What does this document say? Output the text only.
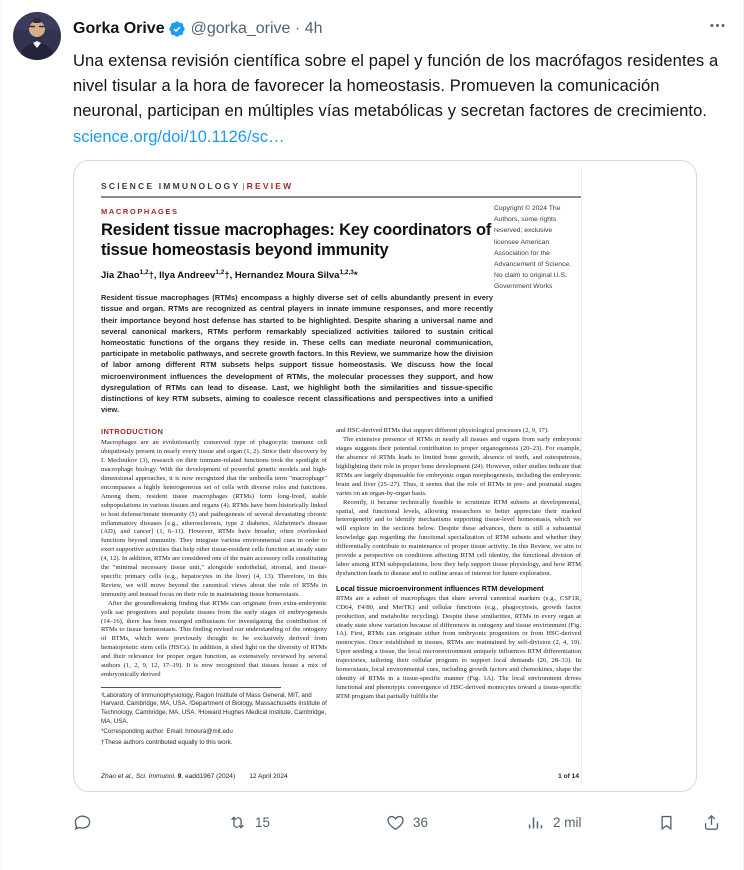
Gorka Orive @gorka_orive · 4h
Una extensa revisión científica sobre el papel y función de los macrófagos residentes a nivel tisular a la hora de favorecer la homeostasis. Promueven la comunicación neuronal, participan en múltiples vías metabólicas y secretan factores de crecimiento.
science.org/doi/10.1126/sc…
SCIENCE IMMUNOLOGY | REVIEW
MACROPHAGES
Resident tissue macrophages: Key coordinators of tissue homeostasis beyond immunity
Jia Zhao$^{1,2}$†, Ilya Andreev$^{1,2}$†, Hernandez Moura Silva$^{1,2,3}$*
Resident tissue macrophages (RTMs) encompass a highly diverse set of cells abundantly present in every tissue and organ. RTMs are recognized as central players in innate immune responses, and more recently their importance beyond host defense has started to be highlighted. Despite sharing a universal name and several canonical markers, RTMs perform remarkably specialized activities tailored to sustain critical homeostatic functions of the organs they reside in. These cells can mediate neuronal communication, participate in metabolic pathways, and secrete growth factors. In this Review, we summarize how the division of labor among different RTM subsets helps support tissue homeostasis. We discuss how the local microenvironment influences the development of RTMs, the molecular processes they support, and how dysregulation of RTMs can lead to disease. Last, we highlight both the similarities and tissue-specific distinctions of key RTM subsets, aiming to coalesce recent classifications and perspectives into a unified view.
Copyright © 2024 The Authors, some rights reserved; exclusive licensee American Association for the Advancement of Science. No claim to original U.S. Government Works
INTRODUCTION
Macrophages are an evolutionarily conserved type of phagocytic immune cell ubiquitously present in nearly every tissue and organ (1, 2). Since their discovery by I. Mechnikov (3), research on their immune-related functions took the spotlight of macrophage biology. With the development of powerful genetic models and high-dimensional approaches, it is now recognized that the umbrella term "macrophage" encompasses a highly heterogeneous set of cells with diverse roles and functions. Among them, resident tissue macrophages (RTMs) form long-lived, stable subpopulations in various tissues and organs (4). RTMs have been historically linked to host defense/innate immunity (5) and pathogenesis of several devastating chronic inflammatory diseases [e.g., atherosclerosis, type 2 diabetes, Alzheimer's disease (AD), and cancer] (1, 6–11). However, RTMs have broader, often overlooked functions beyond immunity. They integrate various environmental cues in order to exert supportive activities that help other tissue-resident cells function at steady state (4, 12). In addition, RTMs are considered one of the main accessory cells constituting the "minimal necessary tissue unit," alongside endothelial, stromal, and tissue-specific primary cells (e.g., hepatocytes in the liver) (4, 13). Therefore, in this Review, we will move beyond the canonical views about the role of RTMs in immunity and instead focus on their role in maintaining tissue homeostasis.
After the groundbreaking finding that RTMs can originate from extra-embryonic yolk sac progenitors and populate tissues from the early stages of embryogenesis (14–16), there has been resurged enthusiasm for investigating the contribution of RTMs to tissue homeostasis. This finding revised our understanding of the ontogeny of RTMs, which were previously thought to be exclusively derived from hematopoietic stem cells (HSCs). In addition, it shed light on the diversity of RTMs and their relevance for proper organ function, as extensively reviewed by several authors (1, 2, 9, 12, 17–19). It is now recognized that tissues house a mix of embryonically derived
¹Laboratory of Immunophysiology, Ragon Institute of Mass General, MIT, and Harvard, Cambridge, MA, USA. ²Department of Biology, Massachusetts Institute of Technology, Cambridge, MA, USA. ³Howard Hughes Medical Institute, Cambridge, MA, USA.
*Corresponding author. Email: hmoura@mit.edu
†These authors contributed equally to this work.
and HSC-derived RTMs that support different physiological processes (2, 9, 17).
The extensive presence of RTMs in nearly all tissues and organs from early embryonic stages suggests their potential contribution to proper organogenesis (20–23). For example, the absence of RTMs leads to limited bone growth, absence of teeth, and osteopetrosis, highlighting their role in proper bone development (24). However, other studies indicate that RTMs are largely dispensable for embryonic organ morphogenesis, including the embryonic brain and liver (25–27). Thus, it seems that the role of RTMs in pre- and postnatal stages varies on an organ-by-organ basis.
Recently, it became technically feasible to scrutinize RTM subsets at developmental, spatial, and functional levels, allowing researchers to better appreciate their marked heterogeneity and to identify mechanisms supporting tissue-level homeostasis, which we will explore in the sections below. Despite these advances, there is still a substantial knowledge gap regarding the functional specialization of RTM subsets and whether they differentially contribute to maintenance of proper tissue activity. In this Review, we aim to provide a perspective on conditions affecting RTM cell identity, the functional division of labor among RTM subpopulations, how they help support tissue physiology, and how RTM dysfunction leads to disease and to outline areas of interest for future exploration.
Local tissue microenvironment influences RTM development
RTMs are a subset of macrophages that share several canonical markers (e.g., CSF1R, CD64, F4/80, and MerTK) and cellular functions (e.g., phagocytosis, growth factor production, and metabolite recycling). Despite these similarities, RTMs in every organ at steady state show variation because of differences in ontogeny and tissue environment (Fig. 1A). First, RTMs can originate either from embryonic progenitors or from HSC-derived monocytes. Once established in tissues, RTMs are maintained by self-division (2, 4, 19). Upon seeding a tissue, the local microenvironment uniquely influences RTM differentiation trajectories, tailoring their cellular program to support local demands (26, 28–33). In homeostasis, local environmental cues, including growth factors and chemokines, shape the identity of RTMs in a tissue-specific manner (Fig. 1A). The local environment drives functional and phenotypic convergence of HSC-derived monocytes toward a tissue-specific RTM program that partially fulfills the
Zhao et al., Sci. Immunol. 9, eadd1967 (2024) 12 April 2024	1 of 14
15	36	2 mil
